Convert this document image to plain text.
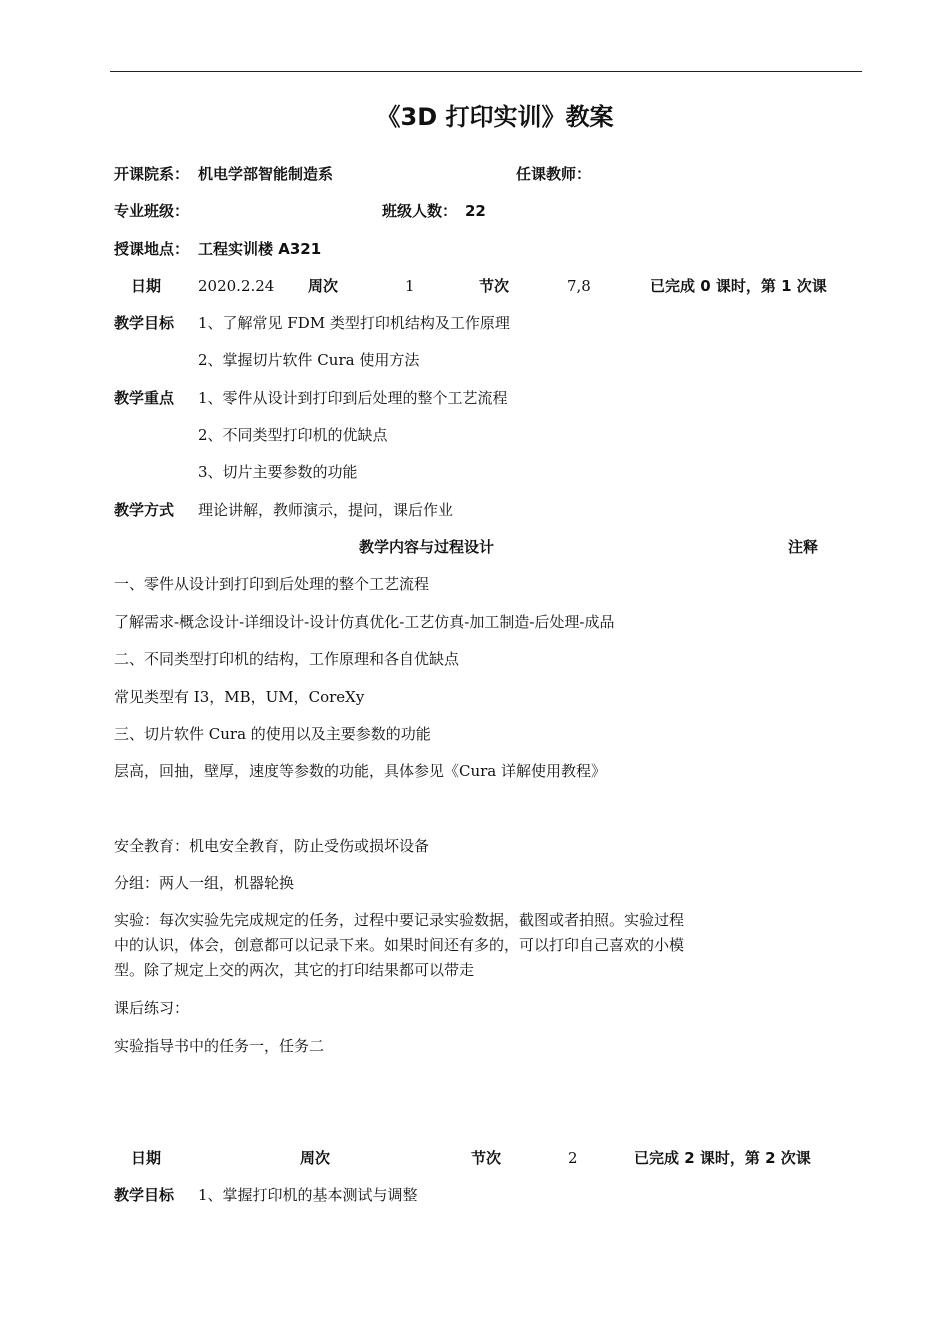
《3D 打印实训》教案
开课院系： 机电学部智能制造系	任课教师：
专业班级：	班级人数： 22
授课地点： 工程实训楼 A321
日期 2020.2.24 周次	1	节次	7,8	已完成 0 课时，第 1 次课
教学目标 1、了解常见 FDM 类型打印机结构及工作原理
2、掌握切片软件 Cura 使用方法
教学重点 1、零件从设计到打印到后处理的整个工艺流程
2、不同类型打印机的优缺点
3、切片主要参数的功能
教学方式 理论讲解，教师演示，提问，课后作业
教学内容与过程设计	注释
一、零件从设计到打印到后处理的整个工艺流程
了解需求-概念设计-详细设计-设计仿真优化-工艺仿真-加工制造-后处理-成品
二、不同类型打印机的结构，工作原理和各自优缺点
常见类型有 I3，MB，UM，CoreXy
三、切片软件 Cura 的使用以及主要参数的功能
层高，回抽，壁厚，速度等参数的功能，具体参见《Cura 详解使用教程》
安全教育：机电安全教育，防止受伤或损坏设备
分组：两人一组，机器轮换
实验：每次实验先完成规定的任务，过程中要记录实验数据，截图或者拍照。实验过程
中的认识，体会，创意都可以记录下来。如果时间还有多的，可以打印自己喜欢的小模
型。除了规定上交的两次，其它的打印结果都可以带走
课后练习：
实验指导书中的任务一，任务二
日期	周次	节次	2	已完成 2 课时，第 2 次课
教学目标 1、掌握打印机的基本测试与调整
